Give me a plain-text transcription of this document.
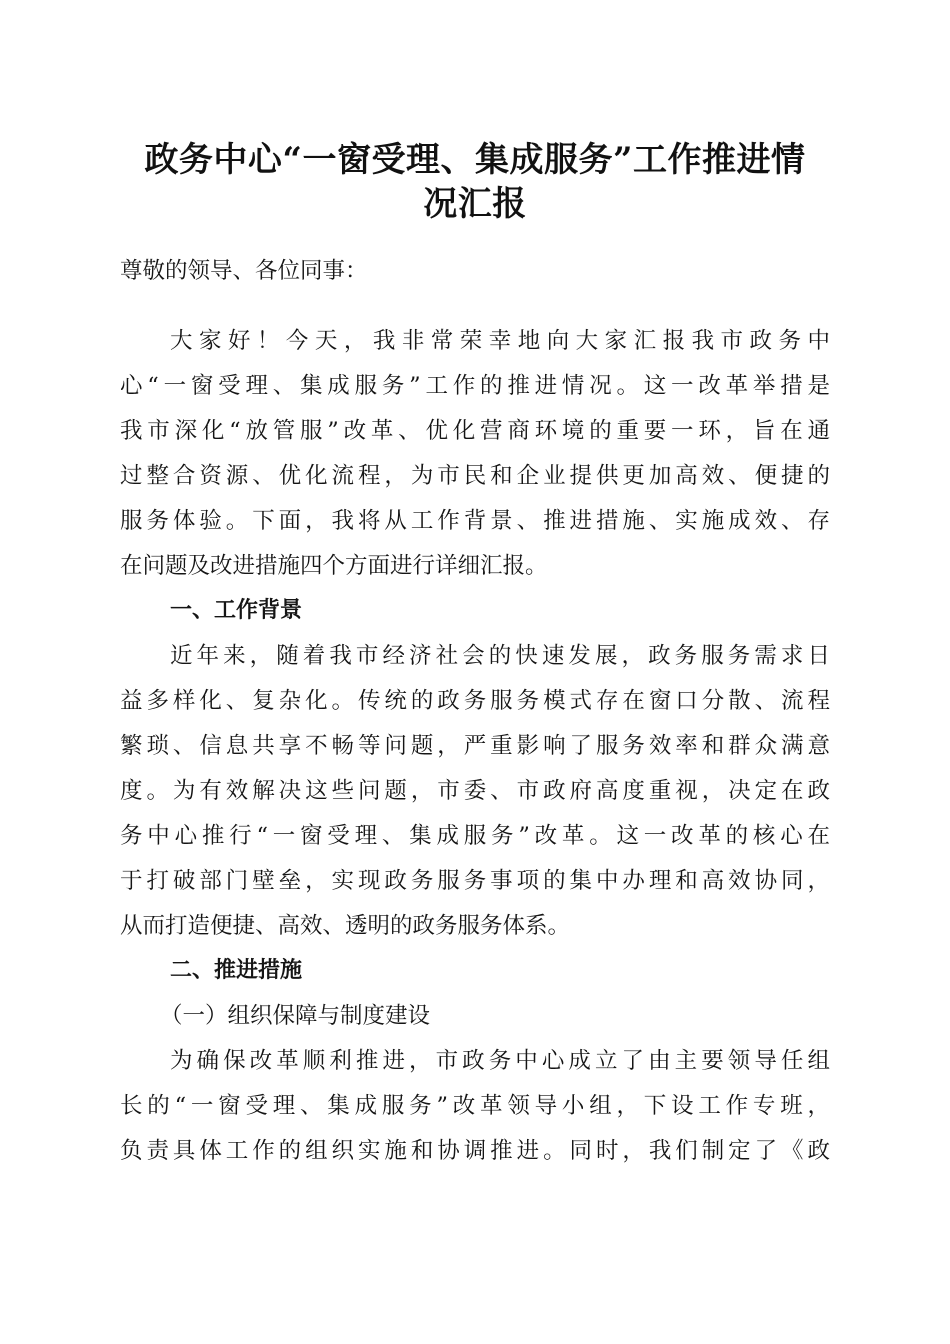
政务中心“一窗受理、集成服务”工作推进情
况汇报

尊敬的领导、各位同事：

大家好！今天，我非常荣幸地向大家汇报我市政务中

心“一窗受理、集成服务”工作的推进情况。这一改革举措是

我市深化“放管服”改革、优化营商环境的重要一环，旨在通

过整合资源、优化流程，为市民和企业提供更加高效、便捷的

服务体验。下面，我将从工作背景、推进措施、实施成效、存

在问题及改进措施四个方面进行详细汇报。

一、工作背景

近年来，随着我市经济社会的快速发展，政务服务需求日

益多样化、复杂化。传统的政务服务模式存在窗口分散、流程

繁琐、信息共享不畅等问题，严重影响了服务效率和群众满意

度。为有效解决这些问题，市委、市政府高度重视，决定在政

务中心推行“一窗受理、集成服务”改革。这一改革的核心在

于打破部门壁垒，实现政务服务事项的集中办理和高效协同，

从而打造便捷、高效、透明的政务服务体系。

二、推进措施

（一）组织保障与制度建设

为确保改革顺利推进，市政务中心成立了由主要领导任组

长的“一窗受理、集成服务”改革领导小组，下设工作专班，

负责具体工作的组织实施和协调推进。同时，我们制定了《政
